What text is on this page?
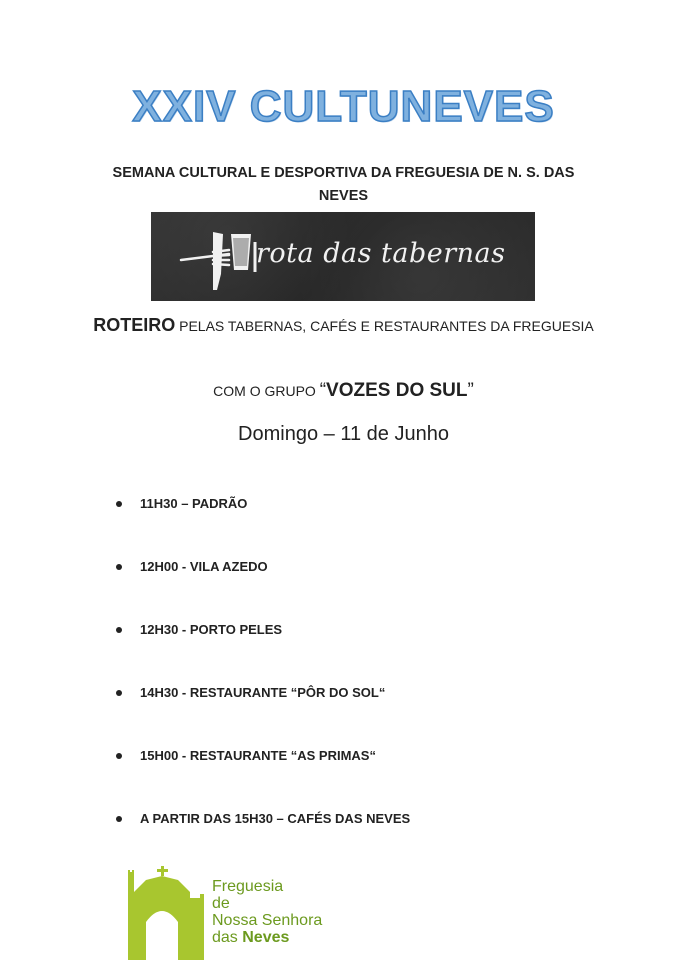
XXIV CULTUNEVES
SEMANA CULTURAL E DESPORTIVA DA FREGUESIA DE N. S. DAS NEVES
rota das tabernas
ROTEIRO PELAS TABERNAS, CAFÉS E RESTAURANTES DA FREGUESIA
COM O GRUPO “VOZES DO SUL”
Domingo – 11 de Junho
11H30 – PADRÃO
12H00 - VILA AZEDO
12H30 - PORTO PELES
14H30 - RESTAURANTE “PÔR DO SOL“
15H00 - RESTAURANTE “AS PRIMAS“
A PARTIR DAS 15H30 – CAFÉS DAS NEVES
Freguesia
de
Nossa Senhora
das Neves
